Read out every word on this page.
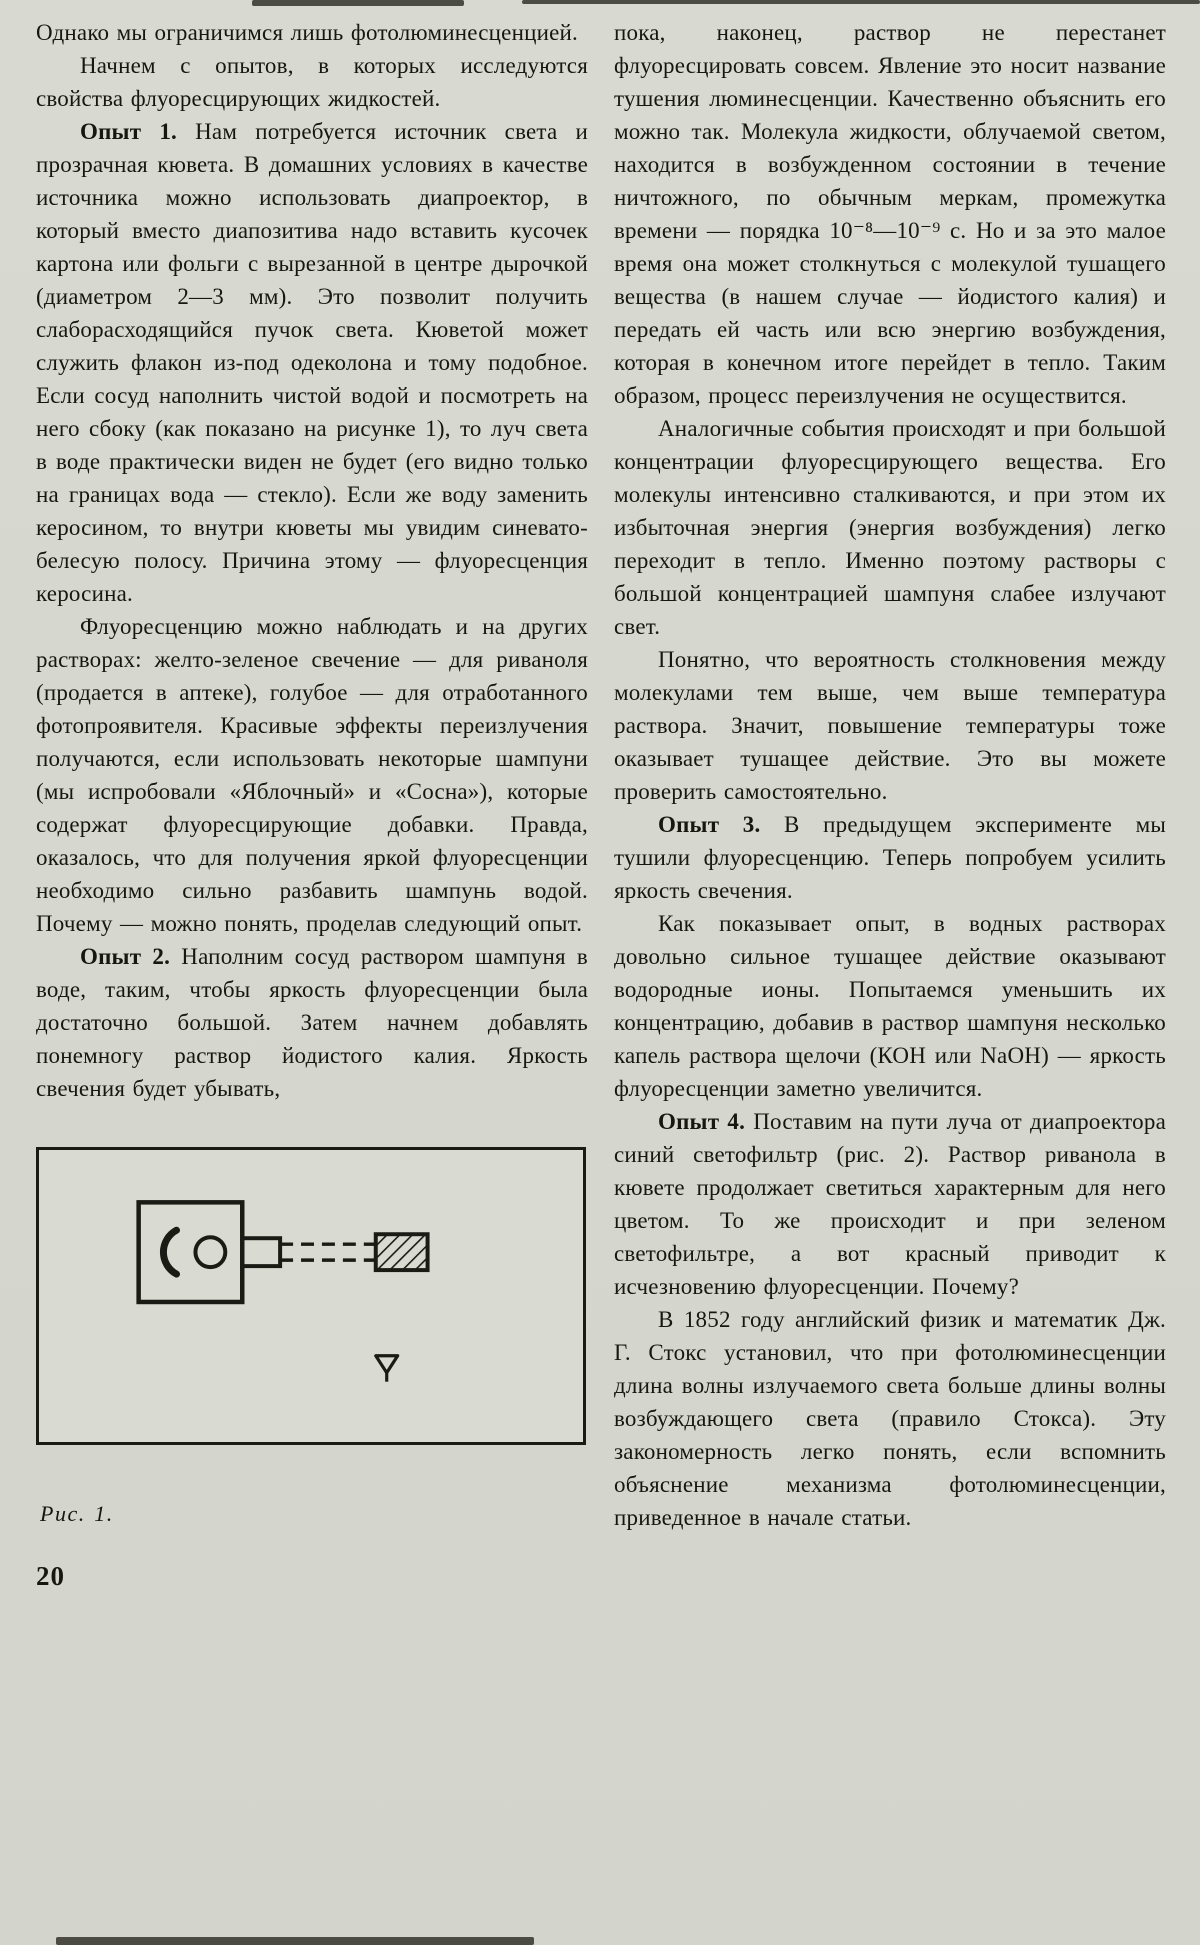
Однако мы ограничимся лишь фотолюминесценцией.

Начнем с опытов, в которых исследуются свойства флуоресцирующих жидкостей.

Опыт 1. Нам потребуется источник света и прозрачная кювета. В домашних условиях в качестве источника можно использовать диапроектор, в который вместо диапозитива надо вставить кусочек картона или фольги с вырезанной в центре дырочкой (диаметром 2—3 мм). Это позволит получить слаборасходящийся пучок света. Кюветой может служить флакон из-под одеколона и тому подобное. Если сосуд наполнить чистой водой и посмотреть на него сбоку (как показано на рисунке 1), то луч света в воде практически виден не будет (его видно только на границах вода — стекло). Если же воду заменить керосином, то внутри кюветы мы увидим синевато-белесую полосу. Причина этому — флуоресценция керосина.

Флуоресценцию можно наблюдать и на других растворах: желто-зеленое свечение — для риваноля (продается в аптеке), голубое — для отработанного фотопроявителя. Красивые эффекты переизлучения получаются, если использовать некоторые шампуни (мы испробовали «Яблочный» и «Сосна»), которые содержат флуоресцирующие добавки. Правда, оказалось, что для получения яркой флуоресценции необходимо сильно разбавить шампунь водой. Почему — можно понять, проделав следующий опыт.

Опыт 2. Наполним сосуд раствором шампуня в воде, таким, чтобы яркость флуоресценции была достаточно большой. Затем начнем добавлять понемногу раствор йодистого калия. Яркость свечения будет убывать,

Рис. 1.
20

пока, наконец, раствор не перестанет флуоресцировать совсем. Явление это носит название тушения люминесценции. Качественно объяснить его можно так. Молекула жидкости, облучаемой светом, находится в возбужденном состоянии в течение ничтожного, по обычным меркам, промежутка времени — порядка 10⁻⁸—10⁻⁹ с. Но и за это малое время она может столкнуться с молекулой тушащего вещества (в нашем случае — йодистого калия) и передать ей часть или всю энергию возбуждения, которая в конечном итоге перейдет в тепло. Таким образом, процесс переизлучения не осуществится.

Аналогичные события происходят и при большой концентрации флуоресцирующего вещества. Его молекулы интенсивно сталкиваются, и при этом их избыточная энергия (энергия возбуждения) легко переходит в тепло. Именно поэтому растворы с большой концентрацией шампуня слабее излучают свет.

Понятно, что вероятность столкновения между молекулами тем выше, чем выше температура раствора. Значит, повышение температуры тоже оказывает тушащее действие. Это вы можете проверить самостоятельно.

Опыт 3. В предыдущем эксперименте мы тушили флуоресценцию. Теперь попробуем усилить яркость свечения.

Как показывает опыт, в водных растворах довольно сильное тушащее действие оказывают водородные ионы. Попытаемся уменьшить их концентрацию, добавив в раствор шампуня несколько капель раствора щелочи (КОН или NaOH) — яркость флуоресценции заметно увеличится.

Опыт 4. Поставим на пути луча от диапроектора синий светофильтр (рис. 2). Раствор риванола в кювете продолжает светиться характерным для него цветом. То же происходит и при зеленом светофильтре, а вот красный приводит к исчезновению флуоресценции. Почему?

В 1852 году английский физик и математик Дж. Г. Стокс установил, что при фотолюминесценции длина волны излучаемого света больше длины волны возбуждающего света (правило Стокса). Эту закономерность легко понять, если вспомнить объяснение механизма фотолюминесценции, приведенное в начале статьи.
